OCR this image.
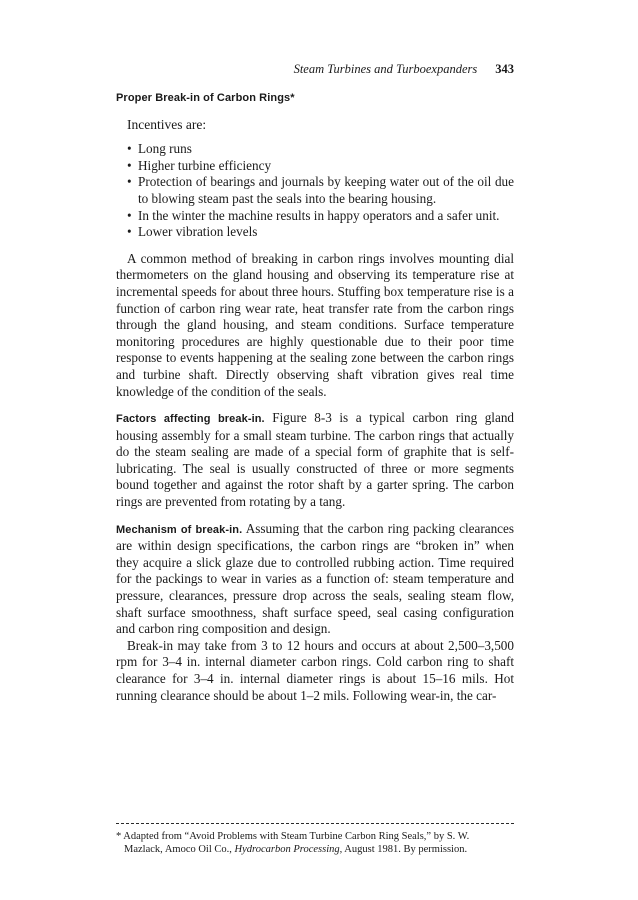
Steam Turbines and Turboexpanders 343
Proper Break-in of Carbon Rings*
Incentives are:
• Long runs
• Higher turbine efficiency
• Protection of bearings and journals by keeping water out of the oil due to blowing steam past the seals into the bearing housing.
• In the winter the machine results in happy operators and a safer unit.
• Lower vibration levels

A common method of breaking in carbon rings involves mounting dial thermometers on the gland housing and observing its temperature rise at incremental speeds for about three hours. Stuffing box temperature rise is a function of carbon ring wear rate, heat transfer rate from the carbon rings through the gland housing, and steam conditions. Surface temperature monitoring procedures are highly questionable due to their poor time response to events happening at the sealing zone between the carbon rings and turbine shaft. Directly observing shaft vibration gives real time knowledge of the condition of the seals.

Factors affecting break-in. Figure 8-3 is a typical carbon ring gland housing assembly for a small steam turbine. The carbon rings that actually do the steam sealing are made of a special form of graphite that is self-lubricating. The seal is usually constructed of three or more segments bound together and against the rotor shaft by a garter spring. The carbon rings are prevented from rotating by a tang.

Mechanism of break-in. Assuming that the carbon ring packing clearances are within design specifications, the carbon rings are “broken in” when they acquire a slick glaze due to controlled rubbing action. Time required for the packings to wear in varies as a function of: steam temperature and pressure, clearances, pressure drop across the seals, sealing steam flow, shaft surface smoothness, shaft surface speed, seal casing configuration and carbon ring composition and design.

Break-in may take from 3 to 12 hours and occurs at about 2,500–3,500 rpm for 3–4 in. internal diameter carbon rings. Cold carbon ring to shaft clearance for 3–4 in. internal diameter rings is about 15–16 mils. Hot running clearance should be about 1–2 mils. Following wear-in, the car-

* Adapted from “Avoid Problems with Steam Turbine Carbon Ring Seals,” by S. W.
Mazlack, Amoco Oil Co., Hydrocarbon Processing, August 1981. By permission.
